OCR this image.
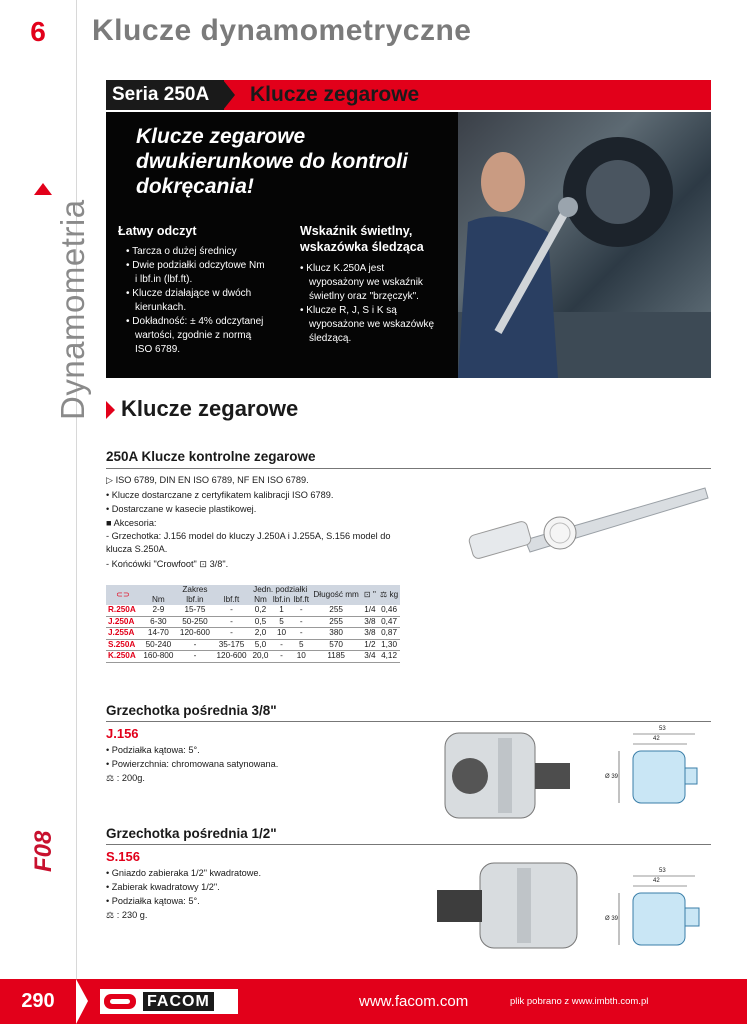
6
Dynamometria
F08
Klucze dynamometryczne
Seria 250A	Klucze zegarowe
Klucze zegarowe dwukierunkowe do kontroli dokręcania!
Łatwy odczyt
• Tarcza o dużej średnicy
• Dwie podziałki odczytowe Nm i lbf.in (lbf.ft).
• Klucze działające w dwóch kierunkach.
• Dokładność: ± 4% odczytanej wartości, zgodnie z normą ISO 6789.
Wskaźnik świetlny, wskazówka śledząca
• Klucz K.250A jest wyposażony we wskaźnik świetlny oraz "brzęczyk".
• Klucze R, J, S i K są wyposażone we wskazówkę śledzącą.
Klucze zegarowe
250A Klucze kontrolne zegarowe
▷ ISO 6789, DIN EN ISO 6789, NF EN ISO 6789.
• Klucze dostarczane z certyfikatem kalibracji ISO 6789.
• Dostarczane w kasecie plastikowej.
■ Akcesoria:
- Grzechotka: J.156 model do kluczy J.250A i J.255A, S.156 model do
klucza S.250A.
- Końcówki "Crowfoot" ⊡ 3/8".
⊂⊃	Zakres			Jedn. podziałki			Długość mm	⊡ "	⚖ kg
	Nm	lbf.in	lbf.ft	Nm	lbf.in	lbf.ft			
R.250A	2-9	15-75	-	0,2	1	-	255	1/4	0,46
J.250A	6-30	50-250	-	0,5	5	-	255	3/8	0,47
J.255A	14-70	120-600	-	2,0	10	-	380	3/8	0,87
S.250A	50-240	-	35-175	5,0	-	5	570	1/2	1,30
K.250A	160-800	-	120-600	20,0	-	10	1185	3/4	4,12
Grzechotka pośrednia 3/8"
J.156
• Podziałka kątowa: 5°.
• Powierzchnia: chromowana satynowana.
⚖ : 200g.
53
42
Ø 39
Grzechotka pośrednia 1/2"
S.156
• Gniazdo zabieraka 1/2" kwadratowe.
• Zabierak kwadratowy 1/2".
• Podziałka kątowa: 5°.
⚖ : 230 g.
53
42
Ø 39
290	FACOM	www.facom.com	plik pobrano z www.imbth.com.pl
